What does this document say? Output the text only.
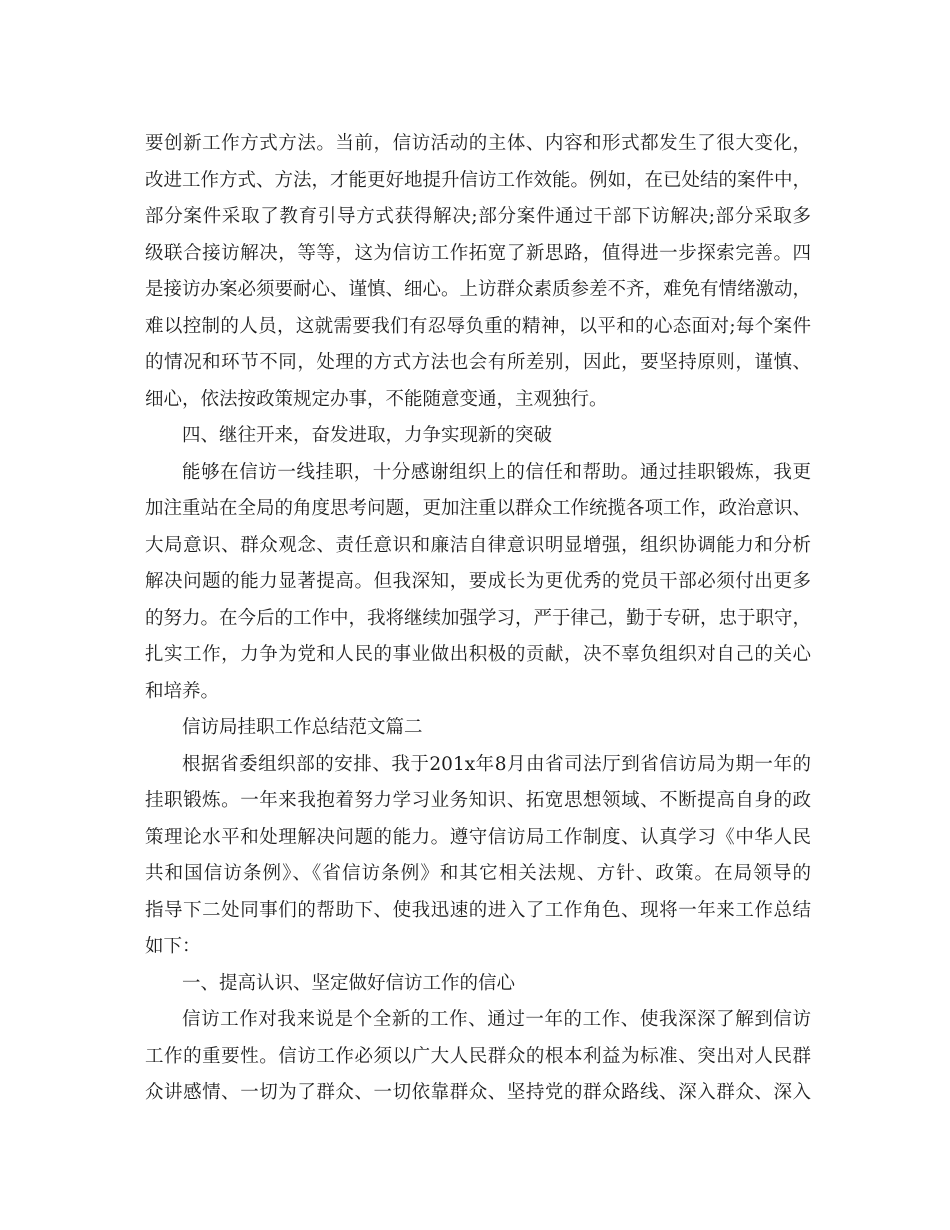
要创新工作方式方法。当前，信访活动的主体、内容和形式都发生了很大变化，
改进工作方式、方法，才能更好地提升信访工作效能。例如，在已处结的案件中，
部分案件采取了教育引导方式获得解决;部分案件通过干部下访解决;部分采取多
级联合接访解决，等等，这为信访工作拓宽了新思路，值得进一步探索完善。四
是接访办案必须要耐心、谨慎、细心。上访群众素质参差不齐，难免有情绪激动，
难以控制的人员，这就需要我们有忍辱负重的精神，以平和的心态面对;每个案件
的情况和环节不同，处理的方式方法也会有所差别，因此，要坚持原则，谨慎、
细心，依法按政策规定办事，不能随意变通，主观独行。
四、继往开来，奋发进取，力争实现新的突破
能够在信访一线挂职，十分感谢组织上的信任和帮助。通过挂职锻炼，我更
加注重站在全局的角度思考问题，更加注重以群众工作统揽各项工作，政治意识、
大局意识、群众观念、责任意识和廉洁自律意识明显增强，组织协调能力和分析
解决问题的能力显著提高。但我深知，要成长为更优秀的党员干部必须付出更多
的努力。在今后的工作中，我将继续加强学习，严于律己，勤于专研，忠于职守，
扎实工作，力争为党和人民的事业做出积极的贡献，决不辜负组织对自己的关心
和培养。
信访局挂职工作总结范文篇二
根据省委组织部的安排、我于201x年8月由省司法厅到省信访局为期一年的
挂职锻炼。一年来我抱着努力学习业务知识、拓宽思想领域、不断提高自身的政
策理论水平和处理解决问题的能力。遵守信访局工作制度、认真学习《中华人民
共和国信访条例》、《省信访条例》和其它相关法规、方针、政策。在局领导的
指导下二处同事们的帮助下、使我迅速的进入了工作角色、现将一年来工作总结
如下：
一、提高认识、坚定做好信访工作的信心
信访工作对我来说是个全新的工作、通过一年的工作、使我深深了解到信访
工作的重要性。信访工作必须以广大人民群众的根本利益为标准、突出对人民群
众讲感情、一切为了群众、一切依靠群众、坚持党的群众路线、深入群众、深入
